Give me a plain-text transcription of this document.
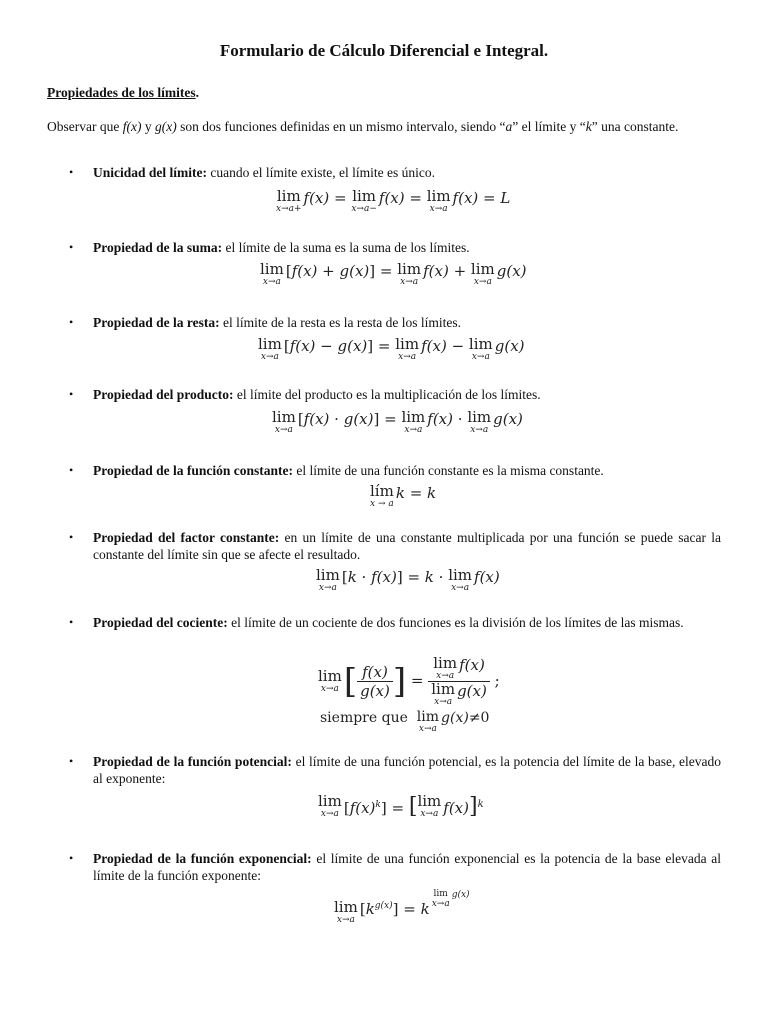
Formulario de Cálculo Diferencial e Integral.
Propiedades de los límites.
Observar que f(x) y g(x) son dos funciones definidas en un mismo intervalo, siendo “a” el límite y “k” una constante.
• Unicidad del límite: cuando el límite existe, el límite es único.
lim
x→a+
f(x) = lim
x→a−
f(x) = lim
x→a
f(x) = L
• Propiedad de la suma: el límite de la suma es la suma de los límites.
lim
x→a
[f(x) + g(x)] = lim
x→a
f(x) + lim
x→a
g(x)
• Propiedad de la resta: el límite de la resta es la resta de los límites.
lim
x→a
[f(x) − g(x)] = lim
x→a
f(x) − lim
x→a
g(x)
• Propiedad del producto: el límite del producto es la multiplicación de los límites.
lim
x→a
[f(x) · g(x)] = lim
x→a
f(x) · lim
x→a
g(x)
• Propiedad de la función constante: el límite de una función constante es la misma constante.
lím
x → a
k = k
• Propiedad del factor constante: en un límite de una constante multiplicada por una función se puede sacar la constante del límite sin que se afecte el resultado.
lim
x→a
[k · f(x)] = k · lim
x→a
f(x)
• Propiedad del cociente: el límite de un cociente de dos funciones es la división de los límites de las mismas.
lim
x→a [ $\frac{f(x)}{g(x)}$ ] = lim
x→a
f(x)
lim
x→a
g(x) ;
siempre que lim
x→a
g(x)≠0
• Propiedad de la función potencial: el límite de una función potencial, es la potencia del límite de la base, elevado al exponente:
lim
x→a $[f(x)^k]$ = [ lim
x→a f(x)]$^k$
• Propiedad de la función exponencial: el límite de una función exponencial es la potencia de la base elevada al límite de la función exponente:
lim
x→a
$[k^{g(x)}] = k$
lim
x→a
g(x)
